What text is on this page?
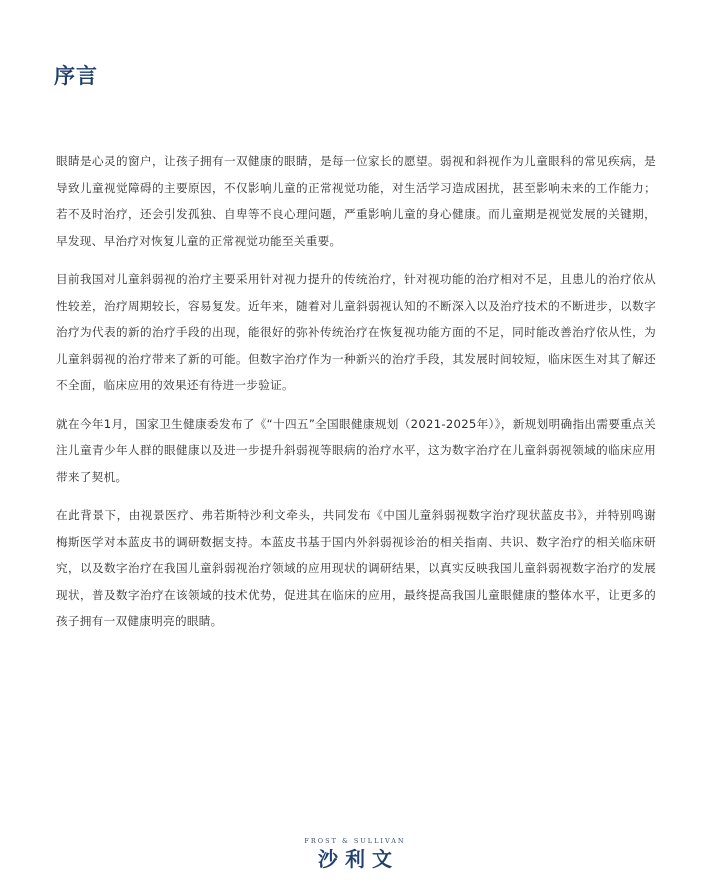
序言

眼睛是心灵的窗户，让孩子拥有一双健康的眼睛，是每一位家长的愿望。弱视和斜视作为儿童眼科的常见疾病，是导致儿童视觉障碍的主要原因，不仅影响儿童的正常视觉功能，对生活学习造成困扰，甚至影响未来的工作能力；若不及时治疗，还会引发孤独、自卑等不良心理问题，严重影响儿童的身心健康。而儿童期是视觉发展的关键期，早发现、早治疗对恢复儿童的正常视觉功能至关重要。

目前我国对儿童斜弱视的治疗主要采用针对视力提升的传统治疗，针对视功能的治疗相对不足，且患儿的治疗依从性较差，治疗周期较长，容易复发。近年来，随着对儿童斜弱视认知的不断深入以及治疗技术的不断进步，以数字治疗为代表的新的治疗手段的出现，能很好的弥补传统治疗在恢复视功能方面的不足，同时能改善治疗依从性，为儿童斜弱视的治疗带来了新的可能。但数字治疗作为一种新兴的治疗手段，其发展时间较短，临床医生对其了解还不全面，临床应用的效果还有待进一步验证。

就在今年1月，国家卫生健康委发布了《“十四五”全国眼健康规划（2021-2025年）》，新规划明确指出需要重点关注儿童青少年人群的眼健康以及进一步提升斜弱视等眼病的治疗水平，这为数字治疗在儿童斜弱视领域的临床应用带来了契机。

在此背景下，由视景医疗、弗若斯特沙利文牵头，共同发布《中国儿童斜弱视数字治疗现状蓝皮书》，并特别鸣谢梅斯医学对本蓝皮书的调研数据支持。本蓝皮书基于国内外斜弱视诊治的相关指南、共识、数字治疗的相关临床研究，以及数字治疗在我国儿童斜弱视治疗领域的应用现状的调研结果，以真实反映我国儿童斜弱视数字治疗的发展现状，普及数字治疗在该领域的技术优势，促进其在临床的应用，最终提高我国儿童眼健康的整体水平，让更多的孩子拥有一双健康明亮的眼睛。

FROST & SULLIVAN
沙利文
